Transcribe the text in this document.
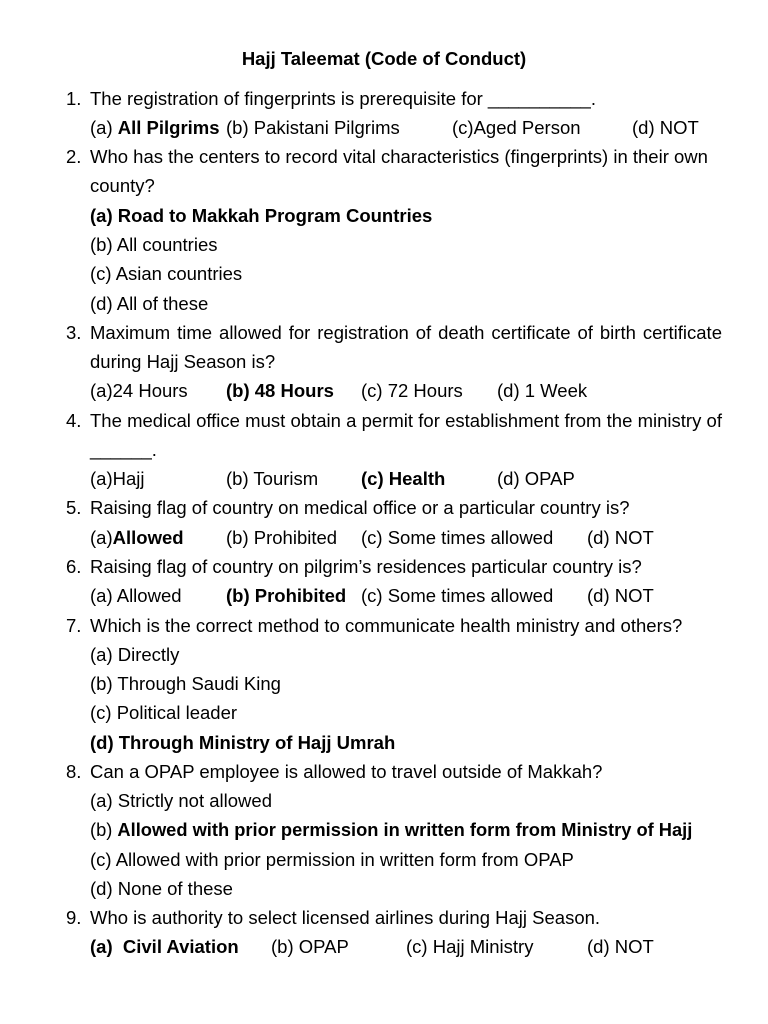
Hajj Taleemat (Code of Conduct)
1. The registration of fingerprints is prerequisite for __________.
(a) All Pilgrims (b) Pakistani Pilgrims	(c)Aged Person	(d) NOT
2. Who has the centers to record vital characteristics (fingerprints) in their own county?
(a) Road to Makkah Program Countries
(b) All countries
(c) Asian countries
(d) All of these
3. Maximum time allowed for registration of death certificate of birth certificate during Hajj Season is?
(a)24 Hours (b) 48 Hours (c) 72 Hours (d) 1 Week
4. The medical office must obtain a permit for establishment from the ministry of ______.
(a)Hajj	(b) Tourism (c) Health	(d) OPAP
5. Raising flag of country on medical office or a particular country is?
(a)Allowed (b) Prohibited (c) Some times allowed (d) NOT
6. Raising flag of country on pilgrim’s residences particular country is?
(a) Allowed (b) Prohibited (c) Some times allowed (d) NOT
7. Which is the correct method to communicate health ministry and others?
(a) Directly
(b) Through Saudi King
(c) Political leader
(d) Through Ministry of Hajj Umrah
8. Can a OPAP employee is allowed to travel outside of Makkah?
(a) Strictly not allowed
(b) Allowed with prior permission in written form from Ministry of Hajj
(c) Allowed with prior permission in written form from OPAP
(d) None of these
9. Who is authority to select licensed airlines during Hajj Season.
(a)  Civil Aviation (b) OPAP	(c) Hajj Ministry	(d) NOT
